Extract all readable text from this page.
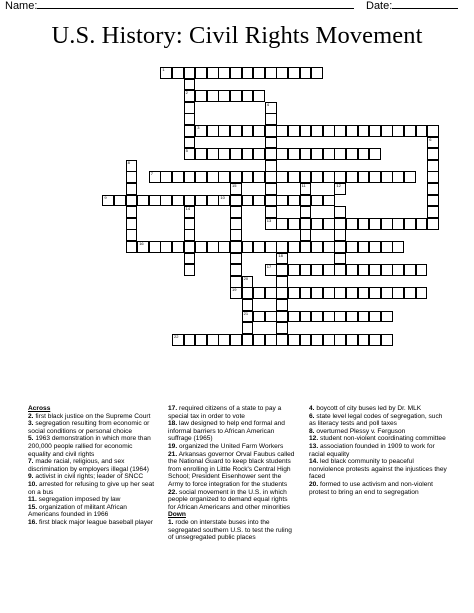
Name:	Date:
U.S. History: Civil Rights Movement
1
2
3
5
7
9	10
13
16
17
19
21
22
4
6
8
11	12
14
15
18
20
Across
2. first black justice on the Supreme Court
3. segregation resulting from economic or social conditions or personal choice
5. 1963 demonstration in which more than 200,000 people rallied for economic equality and civil rights
7. made racial, religious, and sex discrimination by employers illegal (1964)
9. activist in civil rights; leader of SNCC
10. arrested for refusing to give up her seat on a bus
11. segregation imposed by law
15. organization of militant African Americans founded in 1966
16. first black major league baseball player
17. required citizens of a state to pay a special tax in order to vote
18. law designed to help end formal and informal barriers to African American suffrage (1965)
19. organized the United Farm Workers
21. Arkansas governor Orval Faubus called the National Guard to keep black students from enrolling in Little Rock's Central High School; President Eisenhower sent the Army to force integration for the students
22. social movement in the U.S. in which people organized to demand equal rights for African Americans and other minorities
Down
1. rode on interstate buses into the segregated southern U.S. to test the ruling of unsegregated public places
4. boycott of city buses led by Dr. MLK
6. state level legal codes of segregation, such as literacy tests and poll taxes
8. overturned Plessy v. Ferguson
12. student non-violent coordinating committee
13. association founded in 1909 to work for racial equality
14. led black community to peaceful nonviolence protests against the injustices they faced
20. formed to use activism and non-violent protest to bring an end to segregation
